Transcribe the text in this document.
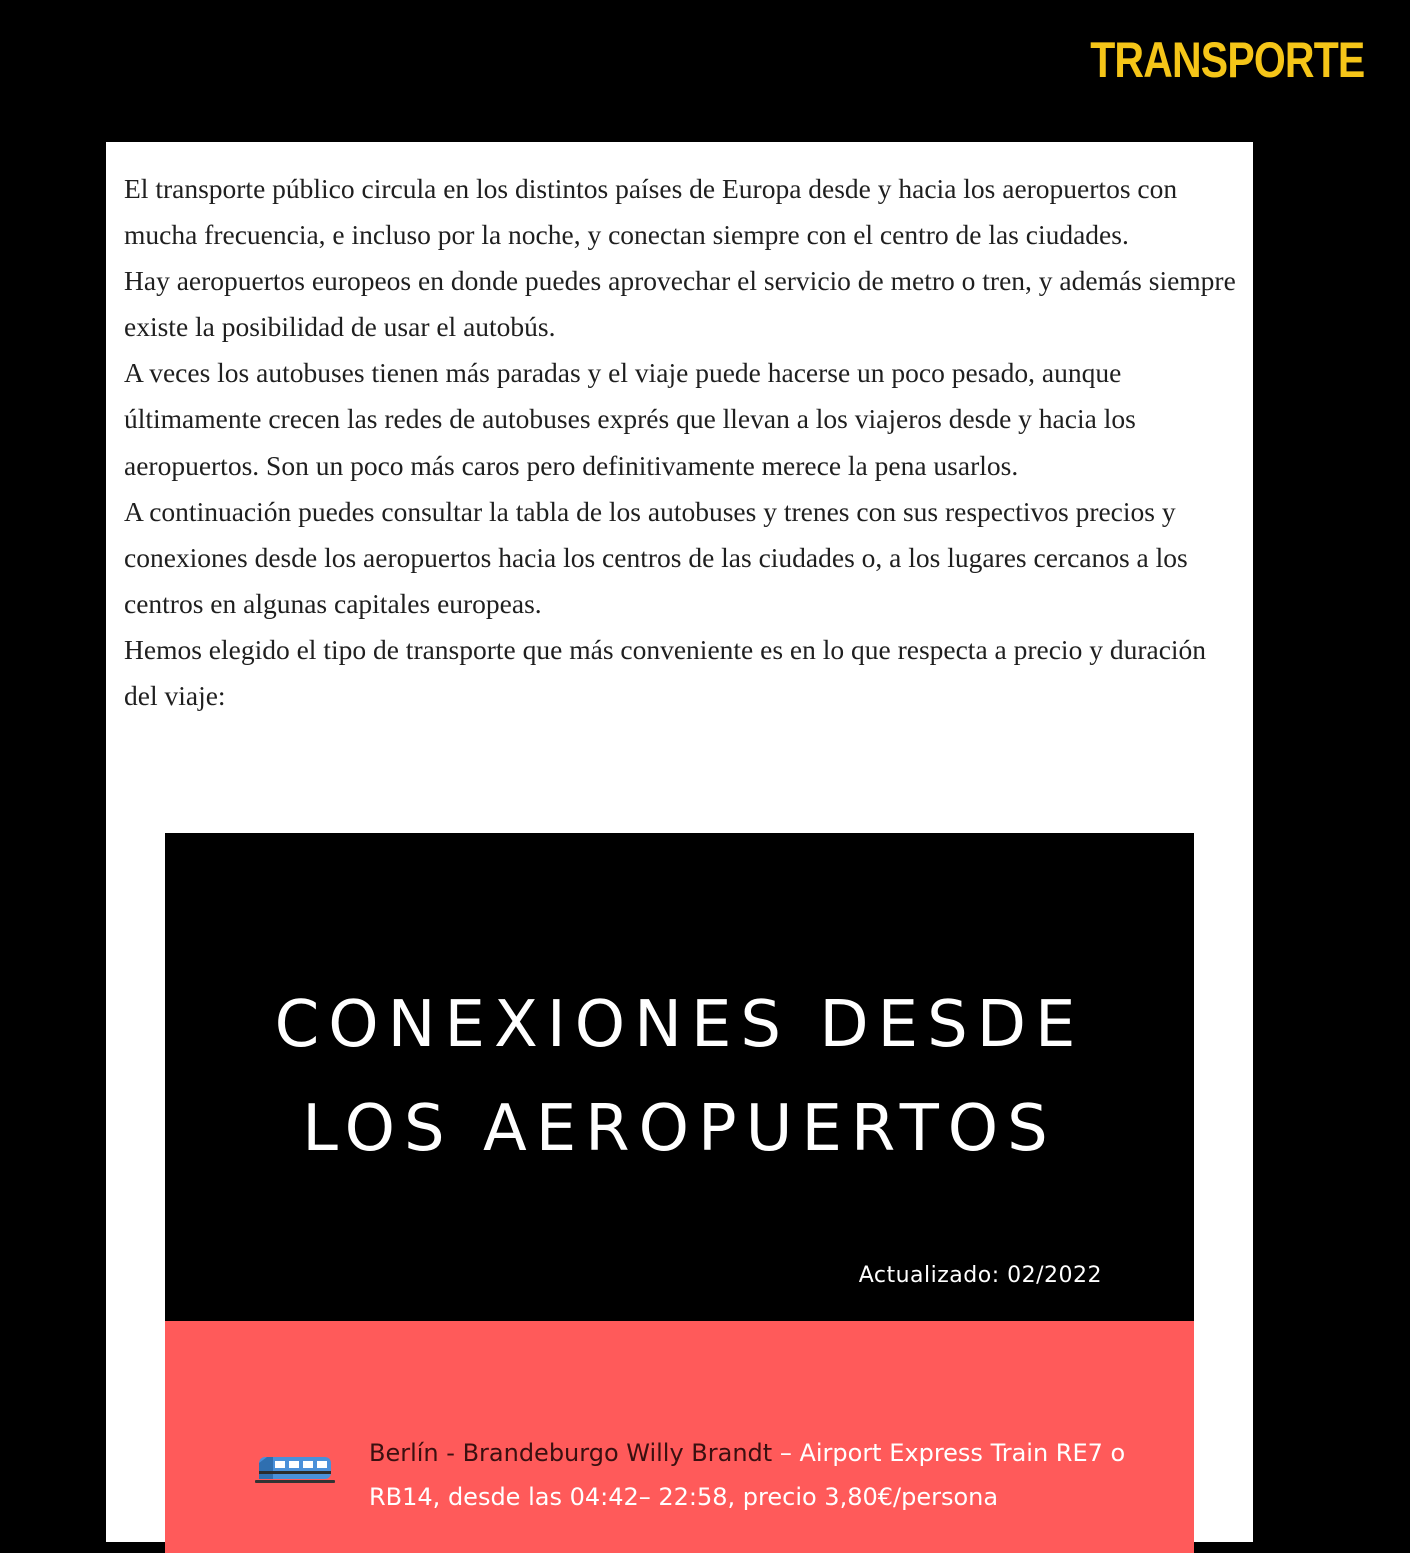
TRANSPORTE

El transporte público circula en los distintos países de Europa desde y hacia los aeropuertos con mucha frecuencia, e incluso por la noche, y conectan siempre con el centro de las ciudades.

Hay aeropuertos europeos en donde puedes aprovechar el servicio de metro o tren, y además siempre existe la posibilidad de usar el autobús.

A veces los autobuses tienen más paradas y el viaje puede hacerse un poco pesado, aunque últimamente crecen las redes de autobuses exprés que llevan a los viajeros desde y hacia los aeropuertos. Son un poco más caros pero definitivamente merece la pena usarlos.

A continuación puedes consultar la tabla de los autobuses y trenes con sus respectivos precios y conexiones desde los aeropuertos hacia los centros de las ciudades o, a los lugares cercanos a los centros en algunas capitales europeas.

Hemos elegido el tipo de transporte que más conveniente es en lo que respecta a precio y duración del viaje:

CONEXIONES DESDE
LOS AEROPUERTOS
Actualizado: 02/2022

Berlín - Brandeburgo Willy Brandt – Airport Express Train RE7 o RB14, desde las 04:42– 22:58, precio 3,80€/persona
